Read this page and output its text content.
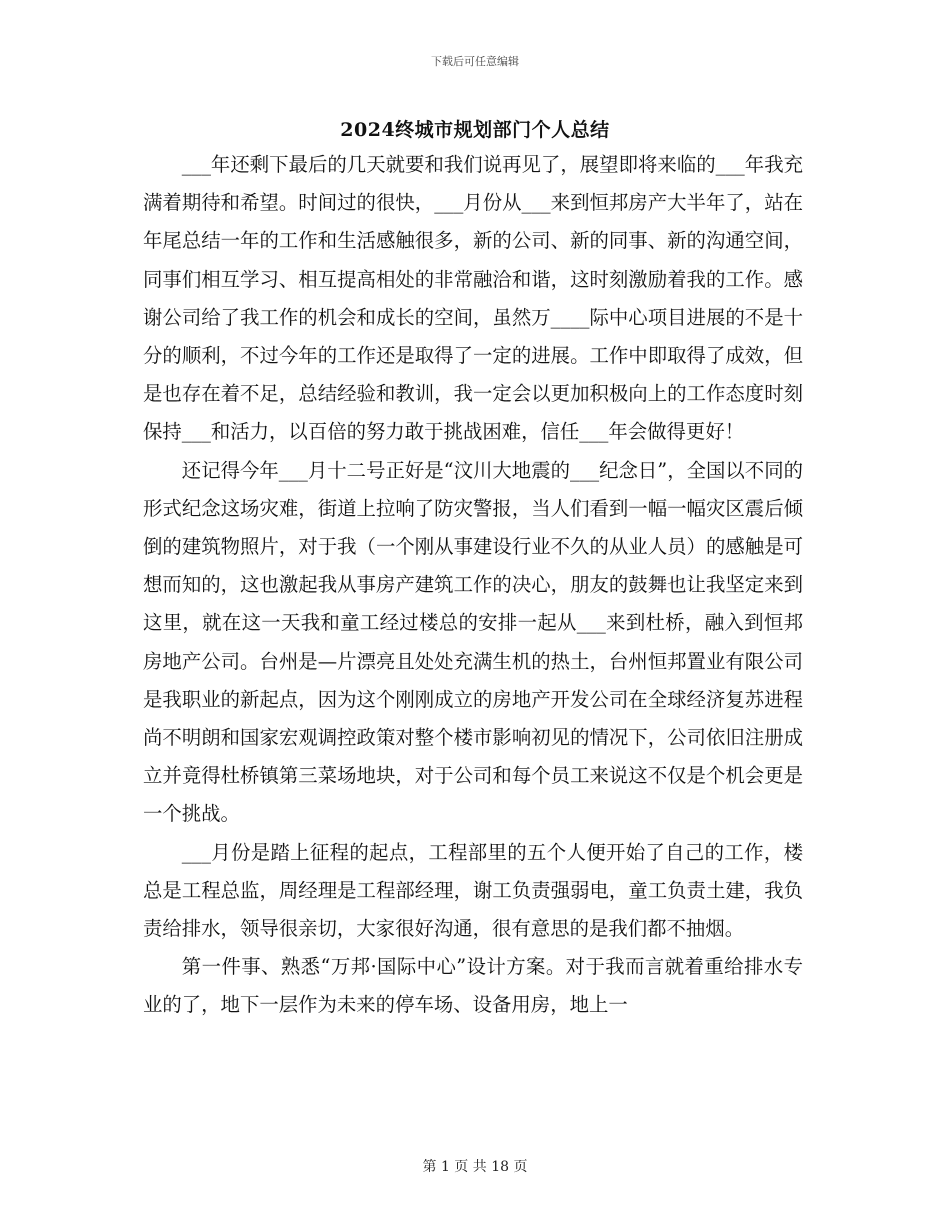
下载后可任意编辑
2024终城市规划部门个人总结

___年还剩下最后的几天就要和我们说再见了，展望即将来临的___年我充满着期待和希望。时间过的很快，___月份从___来到恒邦房产大半年了，站在年尾总结一年的工作和生活感触很多，新的公司、新的同事、新的沟通空间，同事们相互学习、相互提高相处的非常融洽和谐，这时刻激励着我的工作。感谢公司给了我工作的机会和成长的空间，虽然万____际中心项目进展的不是十分的顺利，不过今年的工作还是取得了一定的进展。工作中即取得了成效，但是也存在着不足，总结经验和教训，我一定会以更加积极向上的工作态度时刻保持___和活力，以百倍的努力敢于挑战困难，信任___年会做得更好！

还记得今年___月十二号正好是“汶川大地震的___纪念日”，全国以不同的形式纪念这场灾难，街道上拉响了防灾警报，当人们看到一幅一幅灾区震后倾倒的建筑物照片，对于我（一个刚从事建设行业不久的从业人员）的感触是可想而知的，这也激起我从事房产建筑工作的决心，朋友的鼓舞也让我坚定来到这里，就在这一天我和童工经过楼总的安排一起从___来到杜桥，融入到恒邦房地产公司。台州是—片漂亮且处处充满生机的热土，台州恒邦置业有限公司是我职业的新起点，因为这个刚刚成立的房地产开发公司在全球经济复苏进程尚不明朗和国家宏观调控政策对整个楼市影响初见的情况下，公司依旧注册成立并竟得杜桥镇第三菜场地块，对于公司和每个员工来说这不仅是个机会更是一个挑战。

___月份是踏上征程的起点，工程部里的五个人便开始了自己的工作，楼总是工程总监，周经理是工程部经理，谢工负责强弱电，童工负责土建，我负责给排水，领导很亲切，大家很好沟通，很有意思的是我们都不抽烟。

第一件事、熟悉“万邦·国际中心”设计方案。对于我而言就着重给排水专业的了，地下一层作为未来的停车场、设备用房，地上一

第 1 页 共 18 页
